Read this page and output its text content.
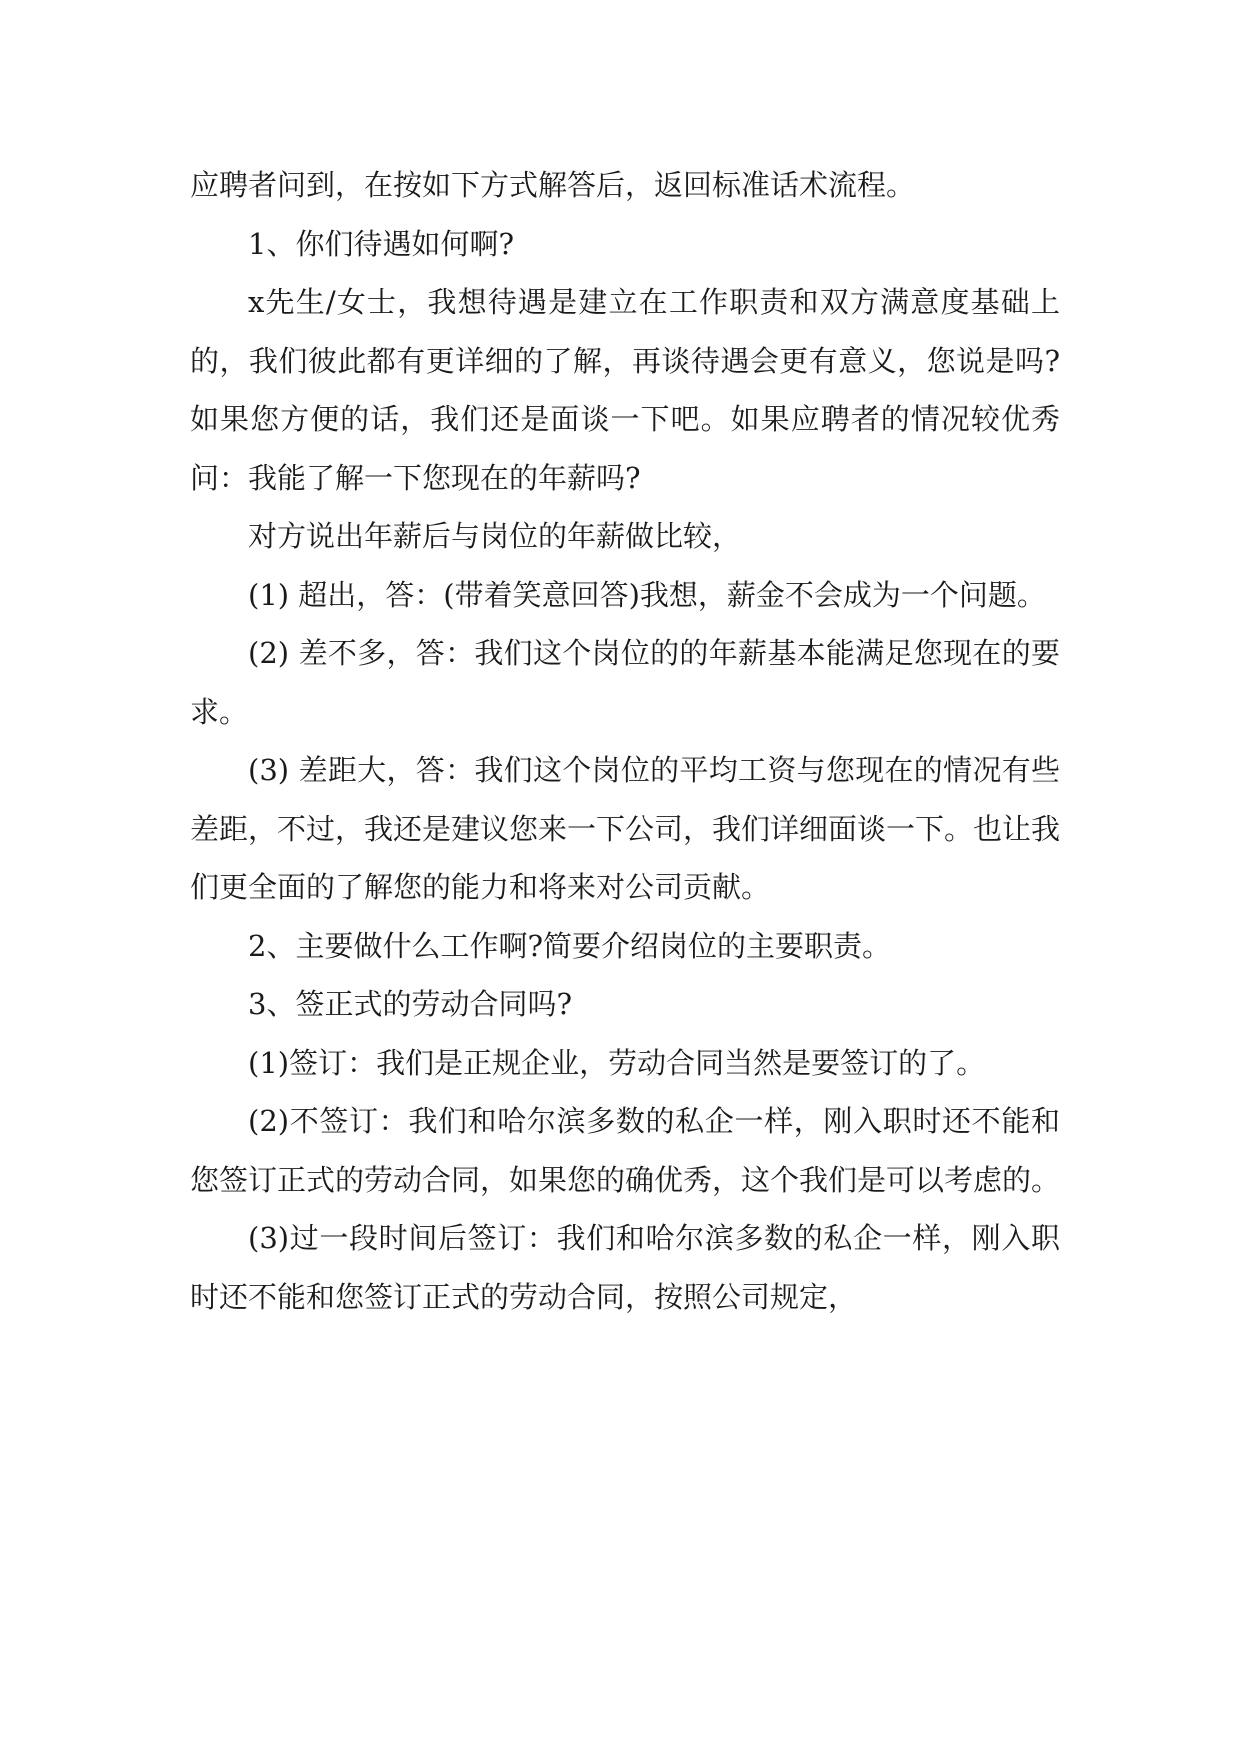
应聘者问到，在按如下方式解答后，返回标准话术流程。

1、你们待遇如何啊?

x先生/女士，我想待遇是建立在工作职责和双方满意度基础上的，我们彼此都有更详细的了解，再谈待遇会更有意义，您说是吗?如果您方便的话，我们还是面谈一下吧。如果应聘者的情况较优秀问：我能了解一下您现在的年薪吗?

对方说出年薪后与岗位的年薪做比较，

(1) 超出，答：(带着笑意回答)我想，薪金不会成为一个问题。

(2) 差不多，答：我们这个岗位的的年薪基本能满足您现在的要求。

(3) 差距大，答：我们这个岗位的平均工资与您现在的情况有些差距，不过，我还是建议您来一下公司，我们详细面谈一下。也让我们更全面的了解您的能力和将来对公司贡献。

2、主要做什么工作啊?简要介绍岗位的主要职责。

3、签正式的劳动合同吗?

(1)签订：我们是正规企业，劳动合同当然是要签订的了。

(2)不签订：我们和哈尔滨多数的私企一样，刚入职时还不能和您签订正式的劳动合同，如果您的确优秀，这个我们是可以考虑的。

(3)过一段时间后签订：我们和哈尔滨多数的私企一样，刚入职时还不能和您签订正式的劳动合同，按照公司规定，
